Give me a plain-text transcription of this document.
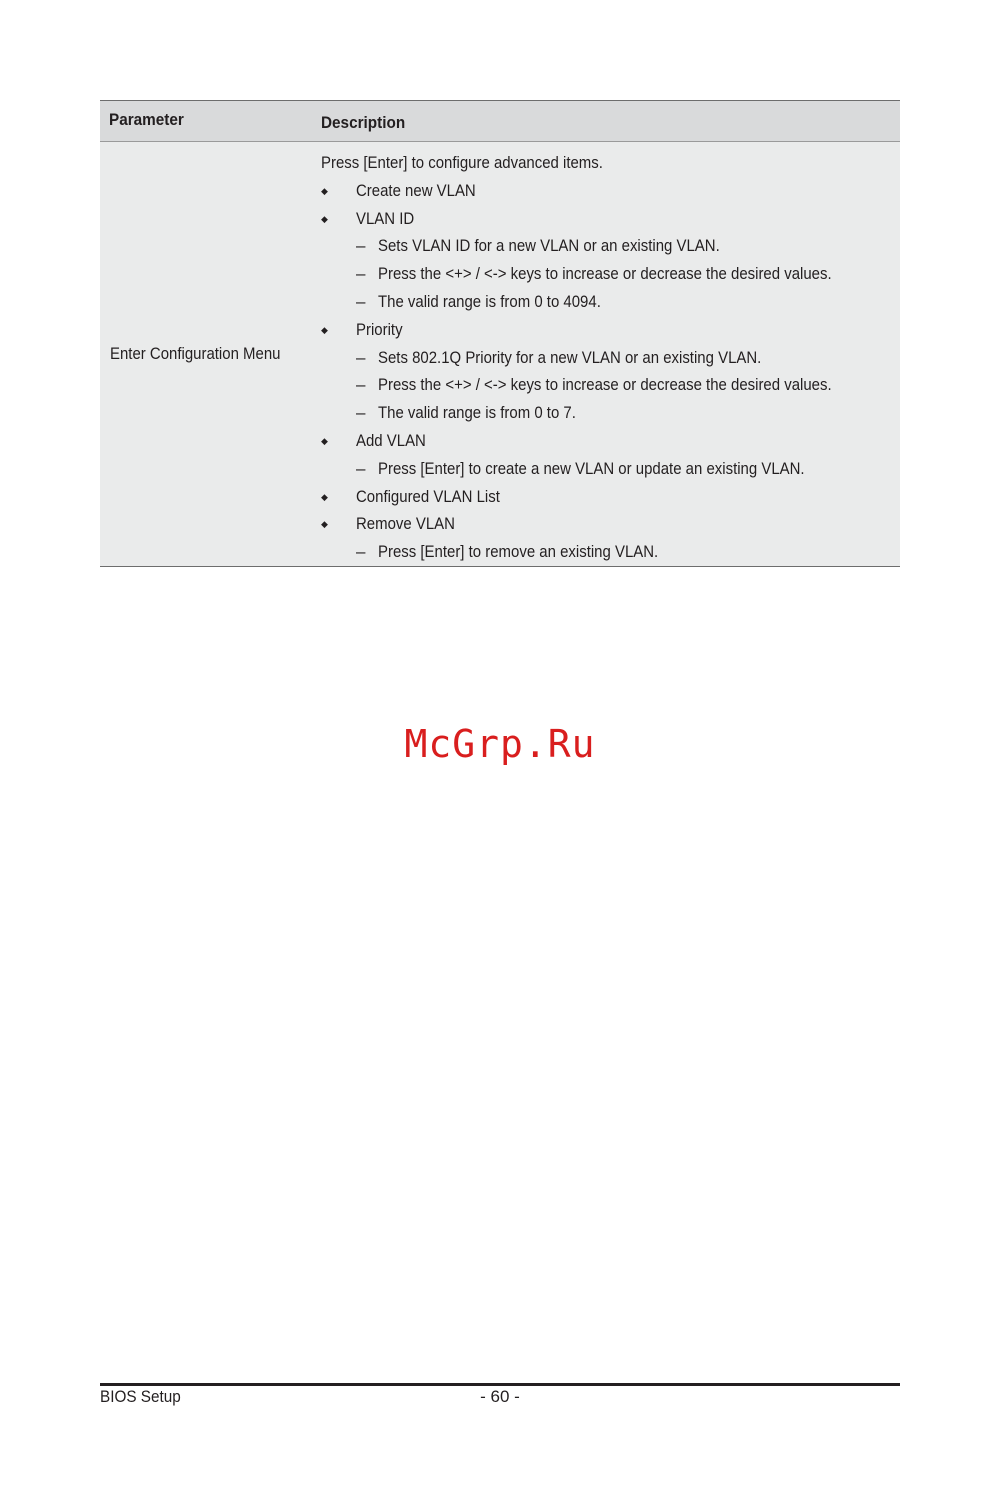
Parameter	Description
Enter Configuration Menu
Press [Enter] to configure advanced items.
◆ Create new VLAN
◆ VLAN ID
– Sets VLAN ID for a new VLAN or an existing VLAN.
– Press the <+> / <-> keys to increase or decrease the desired values.
– The valid range is from 0 to 4094.
◆ Priority
– Sets 802.1Q Priority for a new VLAN or an existing VLAN.
– Press the <+> / <-> keys to increase or decrease the desired values.
– The valid range is from 0 to 7.
◆ Add VLAN
– Press [Enter] to create a new VLAN or update an existing VLAN.
◆ Configured VLAN List
◆ Remove VLAN
– Press [Enter] to remove an existing VLAN.
McGrp.Ru
BIOS Setup	- 60 -
